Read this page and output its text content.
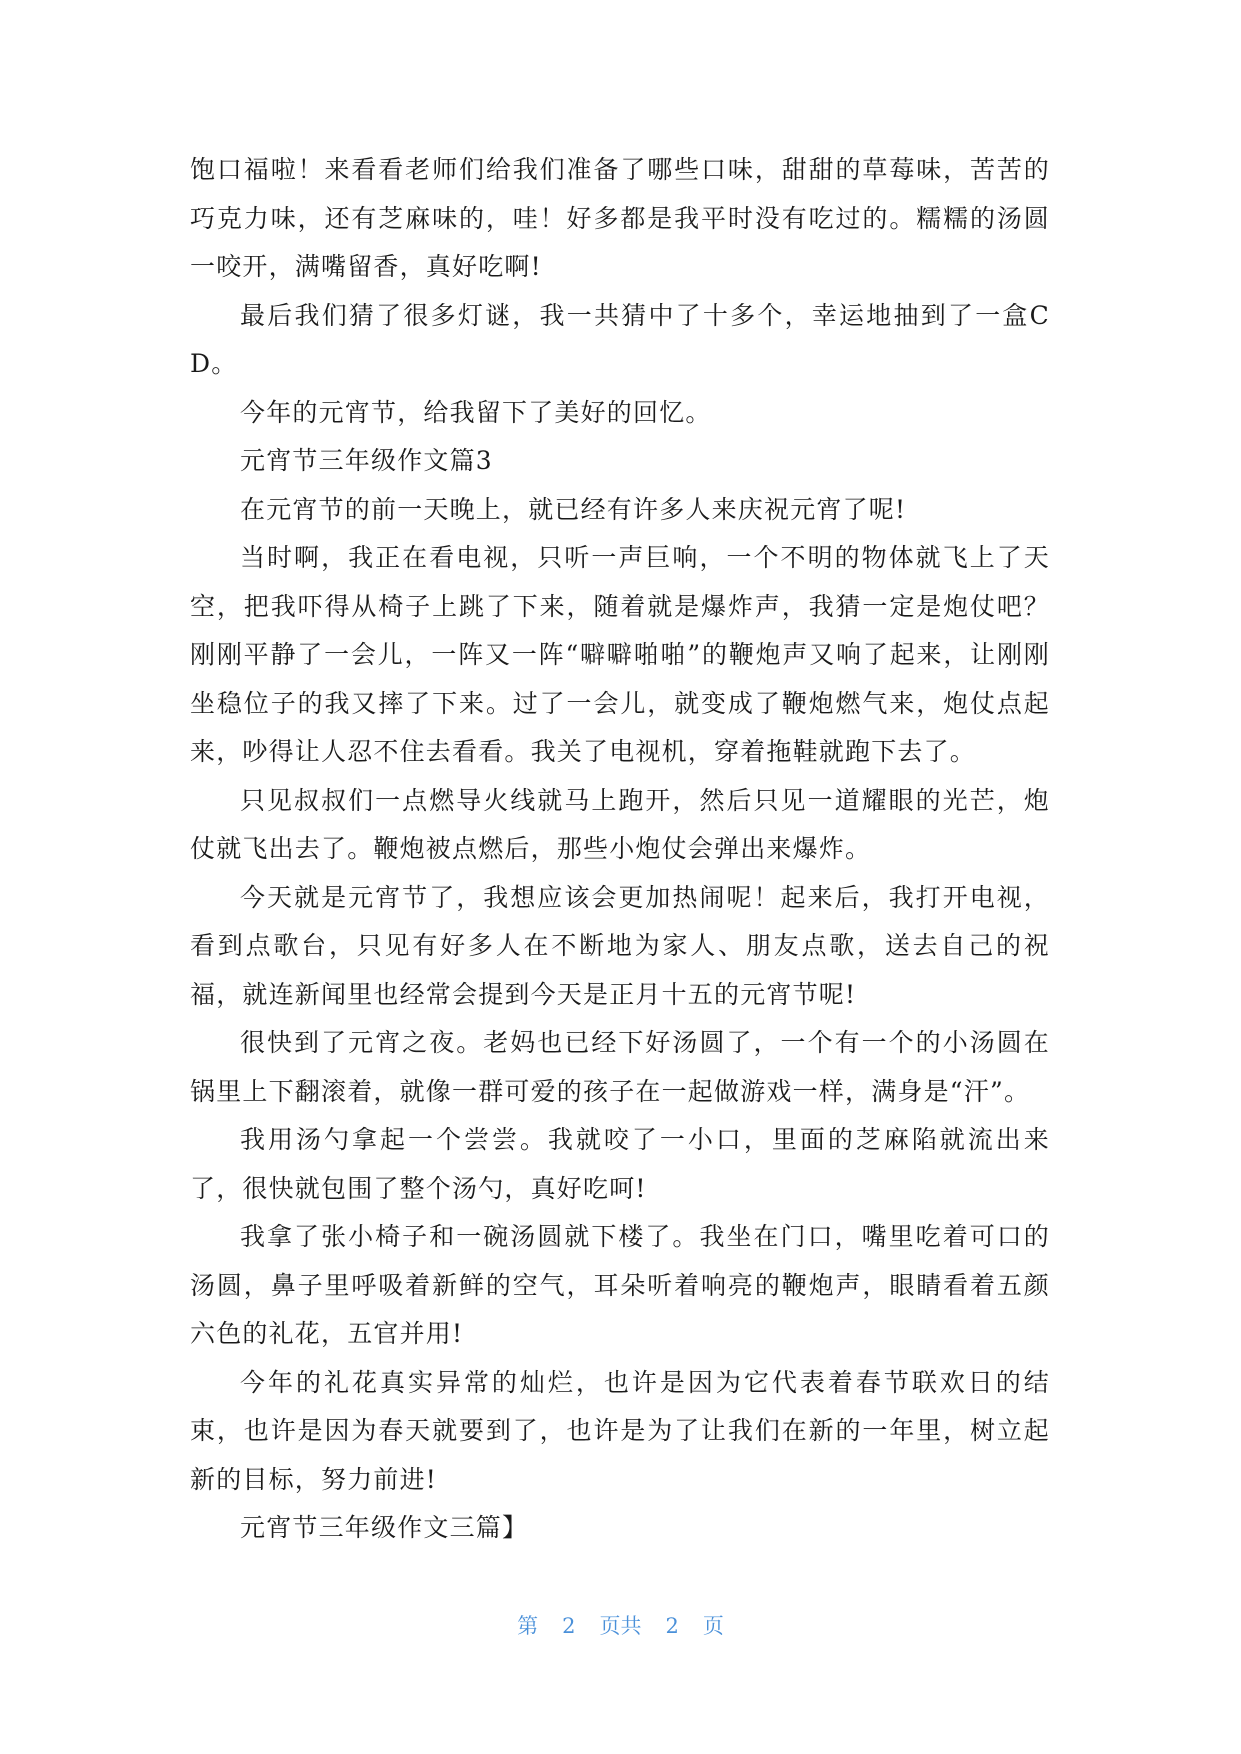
饱口福啦！来看看老师们给我们准备了哪些口味，甜甜的草莓味，苦苦的巧克力味，还有芝麻味的，哇！好多都是我平时没有吃过的。糯糯的汤圆一咬开，满嘴留香，真好吃啊!

最后我们猜了很多灯谜，我一共猜中了十多个，幸运地抽到了一盒CD。

今年的元宵节，给我留下了美好的回忆。

元宵节三年级作文篇3

在元宵节的前一天晚上，就已经有许多人来庆祝元宵了呢!

当时啊，我正在看电视，只听一声巨响，一个不明的物体就飞上了天空，把我吓得从椅子上跳了下来，随着就是爆炸声，我猜一定是炮仗吧？刚刚平静了一会儿，一阵又一阵“噼噼啪啪”的鞭炮声又响了起来，让刚刚坐稳位子的我又摔了下来。过了一会儿，就变成了鞭炮燃气来，炮仗点起来，吵得让人忍不住去看看。我关了电视机，穿着拖鞋就跑下去了。

只见叔叔们一点燃导火线就马上跑开，然后只见一道耀眼的光芒，炮仗就飞出去了。鞭炮被点燃后，那些小炮仗会弹出来爆炸。

今天就是元宵节了，我想应该会更加热闹呢！起来后，我打开电视，看到点歌台，只见有好多人在不断地为家人、朋友点歌，送去自己的祝福，就连新闻里也经常会提到今天是正月十五的元宵节呢!

很快到了元宵之夜。老妈也已经下好汤圆了，一个有一个的小汤圆在锅里上下翻滚着，就像一群可爱的孩子在一起做游戏一样，满身是“汗”。

我用汤勺拿起一个尝尝。我就咬了一小口，里面的芝麻陷就流出来了，很快就包围了整个汤勺，真好吃呵!

我拿了张小椅子和一碗汤圆就下楼了。我坐在门口，嘴里吃着可口的汤圆，鼻子里呼吸着新鲜的空气，耳朵听着响亮的鞭炮声，眼睛看着五颜六色的礼花，五官并用!

今年的礼花真实异常的灿烂，也许是因为它代表着春节联欢日的结束，也许是因为春天就要到了，也许是为了让我们在新的一年里，树立起新的目标，努力前进!

元宵节三年级作文三篇】

第 2 页共 2 页
